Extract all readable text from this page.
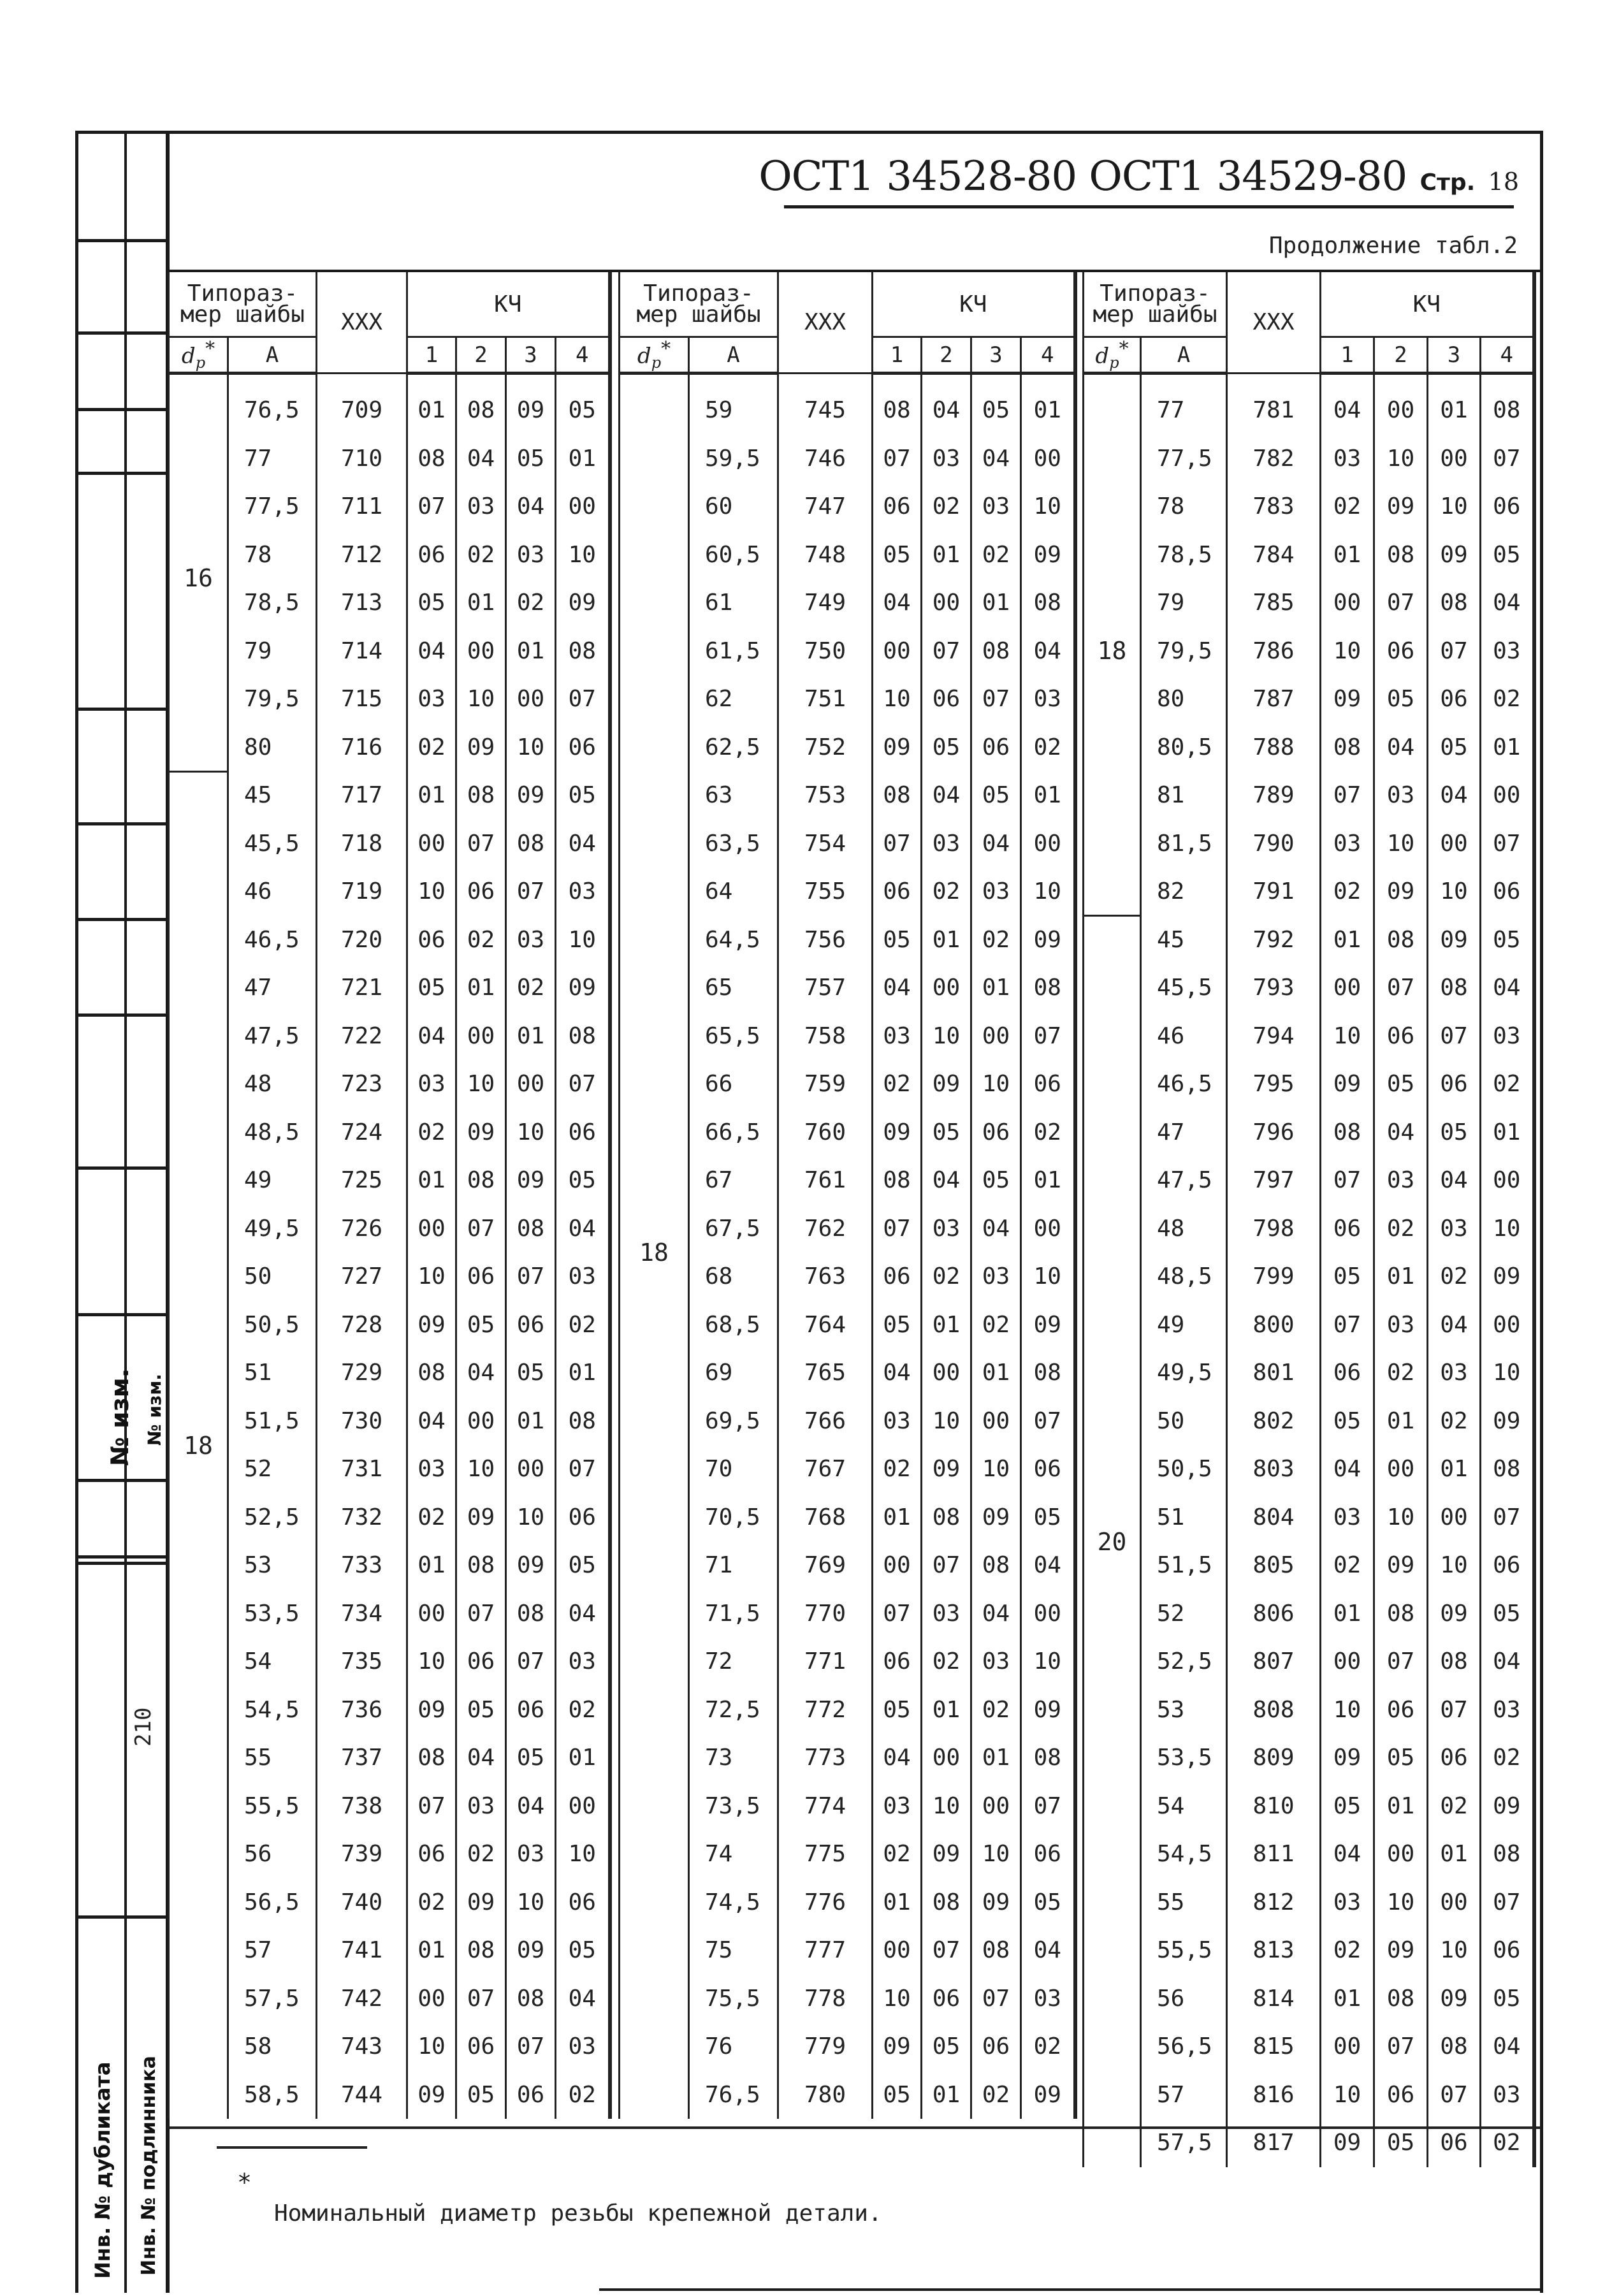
№ изм. № изм.
210
Инв. № дубликата Инв. № подлинника
ОСТ1 34528-80 ОСТ1 34529-80 Стр. 18
Продолжение табл.2
Типораз-
мер шайбы		XXX	КЧ			
$d_p^*$	A		1	2	3	4
16	76,5	709	01	08	09	05
	77	710	08	04	05	01
	77,5	711	07	03	04	00
	78	712	06	02	03	10
	78,5	713	05	01	02	09
	79	714	04	00	01	08
	79,5	715	03	10	00	07
	80	716	02	09	10	06
18	45	717	01	08	09	05
	45,5	718	00	07	08	04
	46	719	10	06	07	03
	46,5	720	06	02	03	10
	47	721	05	01	02	09
	47,5	722	04	00	01	08
	48	723	03	10	00	07
	48,5	724	02	09	10	06
	49	725	01	08	09	05
	49,5	726	00	07	08	04
	50	727	10	06	07	03
	50,5	728	09	05	06	02
	51	729	08	04	05	01
	51,5	730	04	00	01	08
	52	731	03	10	00	07
	52,5	732	02	09	10	06
	53	733	01	08	09	05
	53,5	734	00	07	08	04
	54	735	10	06	07	03
	54,5	736	09	05	06	02
	55	737	08	04	05	01
	55,5	738	07	03	04	00
	56	739	06	02	03	10
	56,5	740	02	09	10	06
	57	741	01	08	09	05
	57,5	742	00	07	08	04
	58	743	10	06	07	03
	58,5	744	09	05	06	02
Типораз-
мер шайбы		XXX	КЧ			
$d_p^*$	A		1	2	3	4
18	59	745	08	04	05	01
	59,5	746	07	03	04	00
	60	747	06	02	03	10
	60,5	748	05	01	02	09
	61	749	04	00	01	08
	61,5	750	00	07	08	04
	62	751	10	06	07	03
	62,5	752	09	05	06	02
	63	753	08	04	05	01
	63,5	754	07	03	04	00
	64	755	06	02	03	10
	64,5	756	05	01	02	09
	65	757	04	00	01	08
	65,5	758	03	10	00	07
	66	759	02	09	10	06
	66,5	760	09	05	06	02
	67	761	08	04	05	01
	67,5	762	07	03	04	00
	68	763	06	02	03	10
	68,5	764	05	01	02	09
	69	765	04	00	01	08
	69,5	766	03	10	00	07
	70	767	02	09	10	06
	70,5	768	01	08	09	05
	71	769	00	07	08	04
	71,5	770	07	03	04	00
	72	771	06	02	03	10
	72,5	772	05	01	02	09
	73	773	04	00	01	08
	73,5	774	03	10	00	07
	74	775	02	09	10	06
	74,5	776	01	08	09	05
	75	777	00	07	08	04
	75,5	778	10	06	07	03
	76	779	09	05	06	02
	76,5	780	05	01	02	09
Типораз-
мер шайбы		XXX	КЧ			
$d_p^*$	A		1	2	3	4
18	77	781	04	00	01	08
	77,5	782	03	10	00	07
	78	783	02	09	10	06
	78,5	784	01	08	09	05
	79	785	00	07	08	04
	79,5	786	10	06	07	03
	80	787	09	05	06	02
	80,5	788	08	04	05	01
	81	789	07	03	04	00
	81,5	790	03	10	00	07
	82	791	02	09	10	06
20	45	792	01	08	09	05
	45,5	793	00	07	08	04
	46	794	10	06	07	03
	46,5	795	09	05	06	02
	47	796	08	04	05	01
	47,5	797	07	03	04	00
	48	798	06	02	03	10
	48,5	799	05	01	02	09
	49	800	07	03	04	00
	49,5	801	06	02	03	10
	50	802	05	01	02	09
	50,5	803	04	00	01	08
	51	804	03	10	00	07
	51,5	805	02	09	10	06
	52	806	01	08	09	05
	52,5	807	00	07	08	04
	53	808	10	06	07	03
	53,5	809	09	05	06	02
	54	810	05	01	02	09
	54,5	811	04	00	01	08
	55	812	03	10	00	07
	55,5	813	02	09	10	06
	56	814	01	08	09	05
	56,5	815	00	07	08	04
	57	816	10	06	07	03
	57,5	817	09	05	06	02
*
Номинальный диаметр резьбы крепежной детали.
